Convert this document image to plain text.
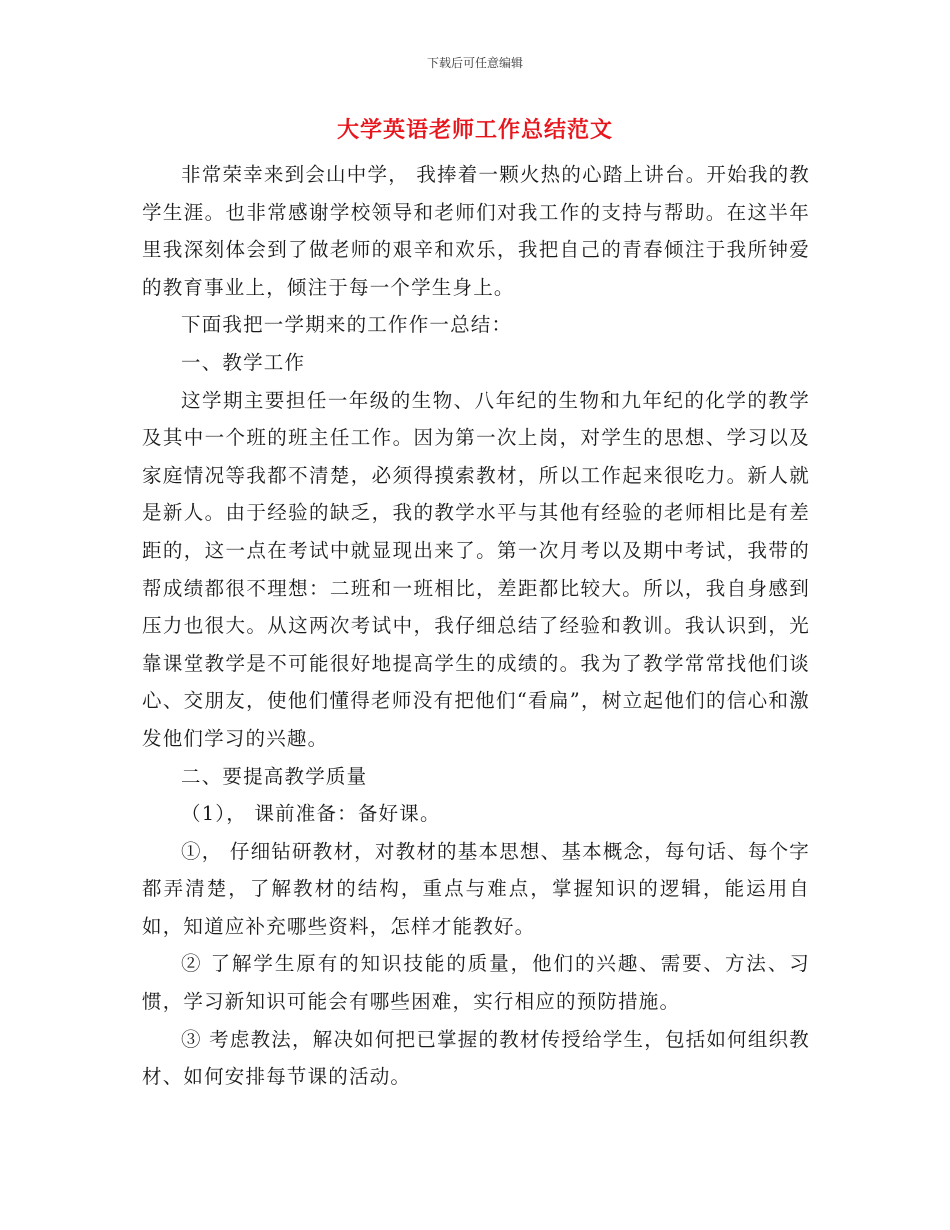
下载后可任意编辑
大学英语老师工作总结范文

非常荣幸来到会山中学， 我捧着一颗火热的心踏上讲台。开始我的教学生涯。也非常感谢学校领导和老师们对我工作的支持与帮助。在这半年里我深刻体会到了做老师的艰辛和欢乐，我把自己的青春倾注于我所钟爱的教育事业上，倾注于每一个学生身上。

下面我把一学期来的工作作一总结：

一、教学工作

这学期主要担任一年级的生物、八年纪的生物和九年纪的化学的教学及其中一个班的班主任工作。因为第一次上岗，对学生的思想、学习以及家庭情况等我都不清楚，必须得摸索教材，所以工作起来很吃力。新人就是新人。由于经验的缺乏，我的教学水平与其他有经验的老师相比是有差距的，这一点在考试中就显现出来了。第一次月考以及期中考试，我带的帮成绩都很不理想：二班和一班相比，差距都比较大。所以，我自身感到压力也很大。从这两次考试中，我仔细总结了经验和教训。我认识到，光靠课堂教学是不可能很好地提高学生的成绩的。我为了教学常常找他们谈心、交朋友，使他们懂得老师没有把他们“看扁”，树立起他们的信心和激发他们学习的兴趣。

二、要提高教学质量

（1）， 课前准备：备好课。

①， 仔细钻研教材，对教材的基本思想、基本概念，每句话、每个字都弄清楚，了解教材的结构，重点与难点，掌握知识的逻辑，能运用自如，知道应补充哪些资料，怎样才能教好。

② 了解学生原有的知识技能的质量，他们的兴趣、需要、方法、习惯，学习新知识可能会有哪些困难，实行相应的预防措施。

③ 考虑教法，解决如何把已掌握的教材传授给学生，包括如何组织教材、如何安排每节课的活动。
